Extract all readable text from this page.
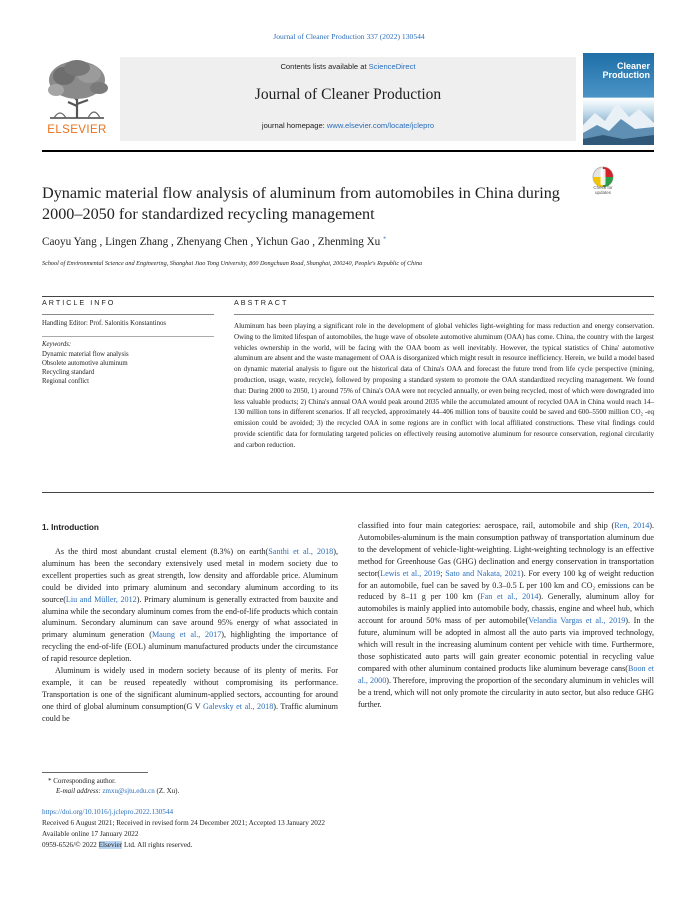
Journal of Cleaner Production 337 (2022) 130544
ELSEVIER
Contents lists available at ScienceDirect
Journal of Cleaner Production
journal homepage: www.elsevier.com/locate/jclepro
Cleaner
Production
Check for
updates
Dynamic material flow analysis of aluminum from automobiles in China during 2000–2050 for standardized recycling management
Caoyu Yang , Lingen Zhang , Zhenyang Chen , Yichun Gao , Zhenming Xu *
School of Environmental Science and Engineering, Shanghai Jiao Tong University, 800 Dongchuan Road, Shanghai, 200240, People's Republic of China
ARTICLE INFO	ABSTRACT
Handling Editor: Prof. Salonitis Konstantinos
Keywords:
Dynamic material flow analysis
Obsolete automotive aluminum
Recycling standard
Regional conflict
Aluminum has been playing a significant role in the development of global vehicles light-weighting for mass reduction and energy conservation. Owing to the limited lifespan of automobiles, the huge wave of obsolete automotive aluminum (OAA) has come. China, the country with the largest vehicles ownership in the world, will be facing with the OAA boom as well inevitably. However, the typical statistics of China' automotive aluminum are absent and the waste management of OAA is disorganized which might result in resource inefficiency. Herein, we build a model based on dynamic material analysis to figure out the historical data of China's OAA and forecast the future trend from life cycle perspective (mining, production, usage, waste, recycle), followed by proposing a standard system to promote the OAA standardized recycling management. We found that: During 2000 to 2050, 1) around 75% of China's OAA were not recycled annually, or even being recycled, most of which were downgraded into less valuable products; 2) China's annual OAA would peak around 2035 while the accumulated amount of recycled OAA in China would reach 14–130 million tons in different scenarios. If all recycled, approximately 44–406 million tons of bauxite could be saved and 600–5500 million CO₂ -eq emission could be avoided; 3) the recycled OAA in some regions are in conflict with local affiliated constructions. These vital findings could provide scientific data for formulating targeted policies on effectively reusing automotive aluminum for resource conservation, regional circularity and carbon reduction.
1. Introduction

As the third most abundant crustal element (8.3%) on earth(Santhi et al., 2018), aluminum has been the secondary extensively used metal in modern society due to excellent properties such as great strength, low density and affordable price. Aluminum could be divided into primary aluminum and secondary aluminum according to its source(Liu and Müller, 2012). Primary aluminum is generally extracted from bauxite and alumina while the secondary aluminum comes from the end-of-life products which contain aluminum. Secondary aluminum can save around 95% energy of what associated in primary aluminum generation (Maung et al., 2017), highlighting the importance of recycling the end-of-life (EOL) aluminum manufactured products under the circumstance of rapid resource depletion.

Aluminum is widely used in modern society because of its plenty of merits. For example, it can be reused repeatedly without compromising its performance. Transportation is one of the significant aluminum-applied sectors, accounting for around one third of global aluminum consumption(G V Galevsky et al., 2018). Traffic aluminum could be

classified into four main categories: aerospace, rail, automobile and ship (Ren, 2014). Automobiles-aluminum is the main consumption pathway of transportation aluminum due to the development of vehicle-light-weighting. Light-weighting technology is an effective method for Greenhouse Gas (GHG) declination and energy conservation in transportation sector(Lewis et al., 2019; Sato and Nakata, 2021). For every 100 kg of weight reduction for an automobile, fuel can be saved by 0.3–0.5 L per 100 km and CO₂ emissions can be reduced by 8–11 g per 100 km (Fan et al., 2014). Generally, aluminum alloy for automobiles is mainly applied into automobile body, chassis, engine and wheel hub, which account for around 50% mass of per automobile(Velandia Vargas et al., 2019). In the future, aluminum will be adopted in almost all the auto parts via improved technology, which will result in the increasing aluminum content per vehicle with time. Furthermore, those sophisticated auto parts will gain greater economic potential in recycling value compared with other aluminum contained products like aluminum beverage cans(Boon et al., 2000). Therefore, improving the proportion of the secondary aluminum in vehicles will be a trend, which will not only promote the circularity in auto sector, but also reduce GHG further.

* Corresponding author.
E-mail address: zmxu@sjtu.edu.cn (Z. Xu).
https://doi.org/10.1016/j.jclepro.2022.130544
Received 6 August 2021; Received in revised form 24 December 2021; Accepted 13 January 2022
Available online 17 January 2022
0959-6526/© 2022 Elsevier Ltd. All rights reserved.
